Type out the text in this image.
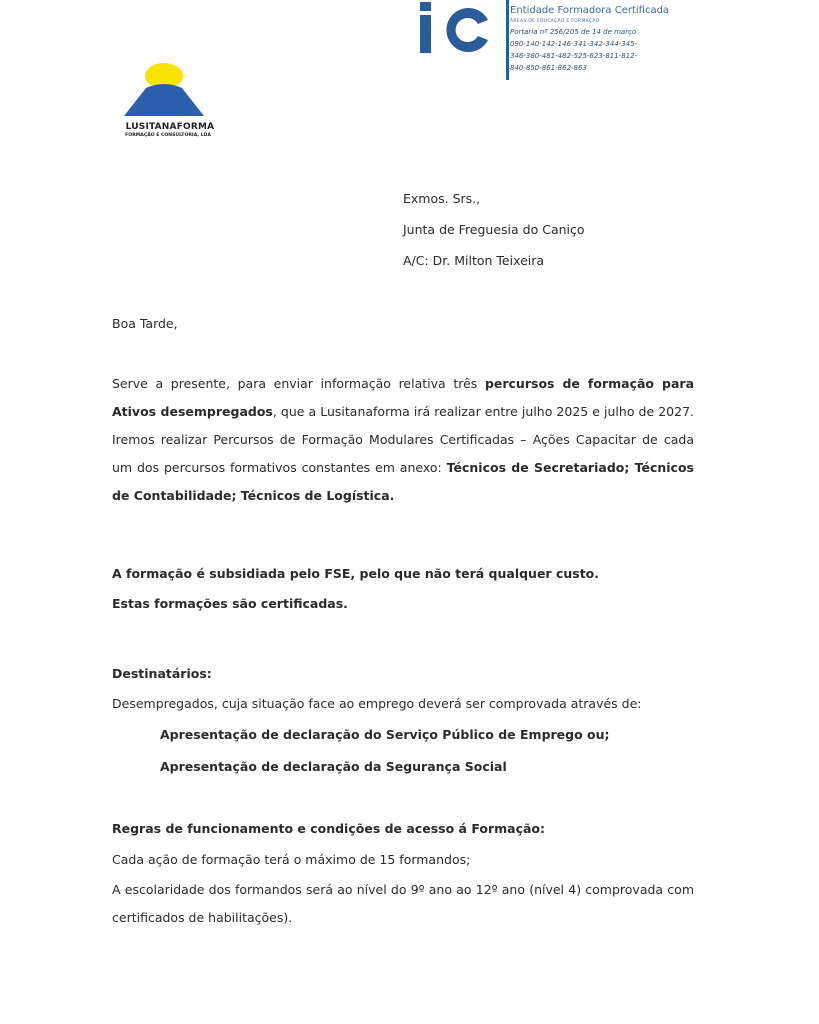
Entidade Formadora Certificada
ÁREAS DE EDUCAÇÃO E FORMAÇÃO
Portaria nº 256/205 de 14 de março
090-140-142-146-341-342-344-345-
346-380-481-482-525-623-811-812-
840-850-861-862-863
LUSITANAFORMA
FORMAÇÃO E CONSULTORIA, LDA
Exmos. Srs.,
Junta de Freguesia do Caniço
A/C: Dr. Milton Teixeira
Boa Tarde,
Serve a presente, para enviar informação relativa três percursos de formação para Ativos desempregados, que a Lusitanaforma irá realizar entre julho 2025 e julho de 2027. Iremos realizar Percursos de Formação Modulares Certificadas – Ações Capacitar de cada um dos percursos formativos constantes em anexo: Técnicos de Secretariado; Técnicos de Contabilidade; Técnicos de Logística.
A formação é subsidiada pelo FSE, pelo que não terá qualquer custo.
Estas formações são certificadas.
Destinatários:
Desempregados, cuja situação face ao emprego deverá ser comprovada através de:
Apresentação de declaração do Serviço Público de Emprego ou;
Apresentação de declaração da Segurança Social
Regras de funcionamento e condições de acesso á Formação:
Cada ação de formação terá o máximo de 15 formandos;
A escolaridade dos formandos será ao nível do 9º ano ao 12º ano (nível 4) comprovada com certificados de habilitações).
